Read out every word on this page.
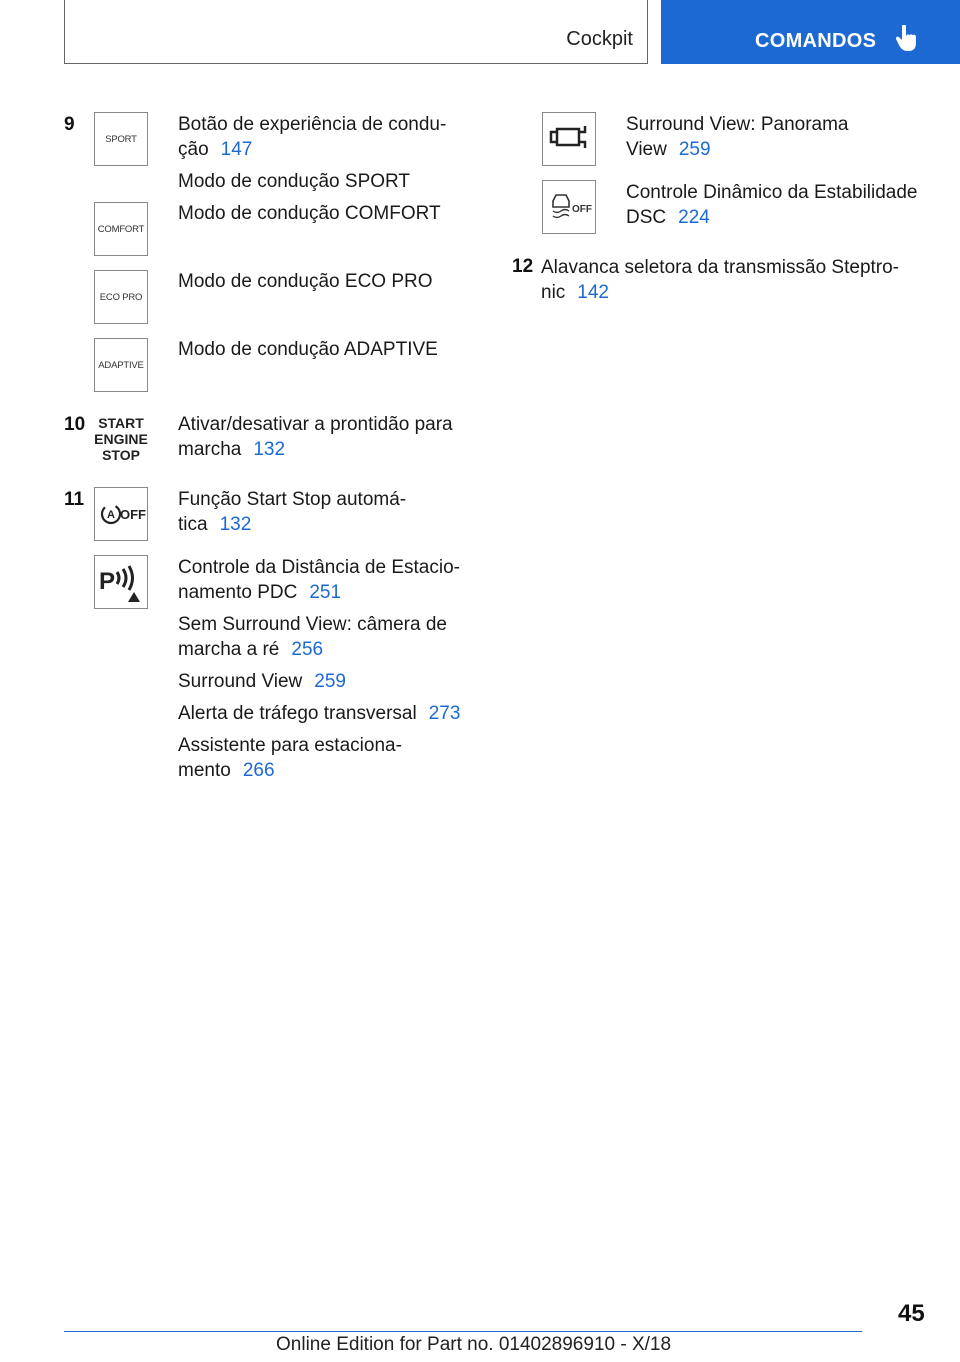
Cockpit	COMANDOS
9
SPORT
Botão de experiência de condu-
ção 147
Modo de condução SPORT
COMFORT
Modo de condução COMFORT
ECO PRO
Modo de condução ECO PRO
ADAPTIVE
Modo de condução ADAPTIVE
10 START
ENGINE
STOP
Ativar/desativar a prontidão para
marcha 132
11
A OFF
Função Start Stop automá-
tica 132
P
Controle da Distância de Estacio-
namento PDC 251
Sem Surround View: câmera de
marcha a ré 256
Surround View 259
Alerta de tráfego transversal 273
Assistente para estaciona-
mento 266
Surround View: Panorama
View 259
OFF
Controle Dinâmico da Estabilidade
DSC 224
12 Alavanca seletora da transmissão Steptro-
nic 142
45
Online Edition for Part no. 01402896910 - X/18
